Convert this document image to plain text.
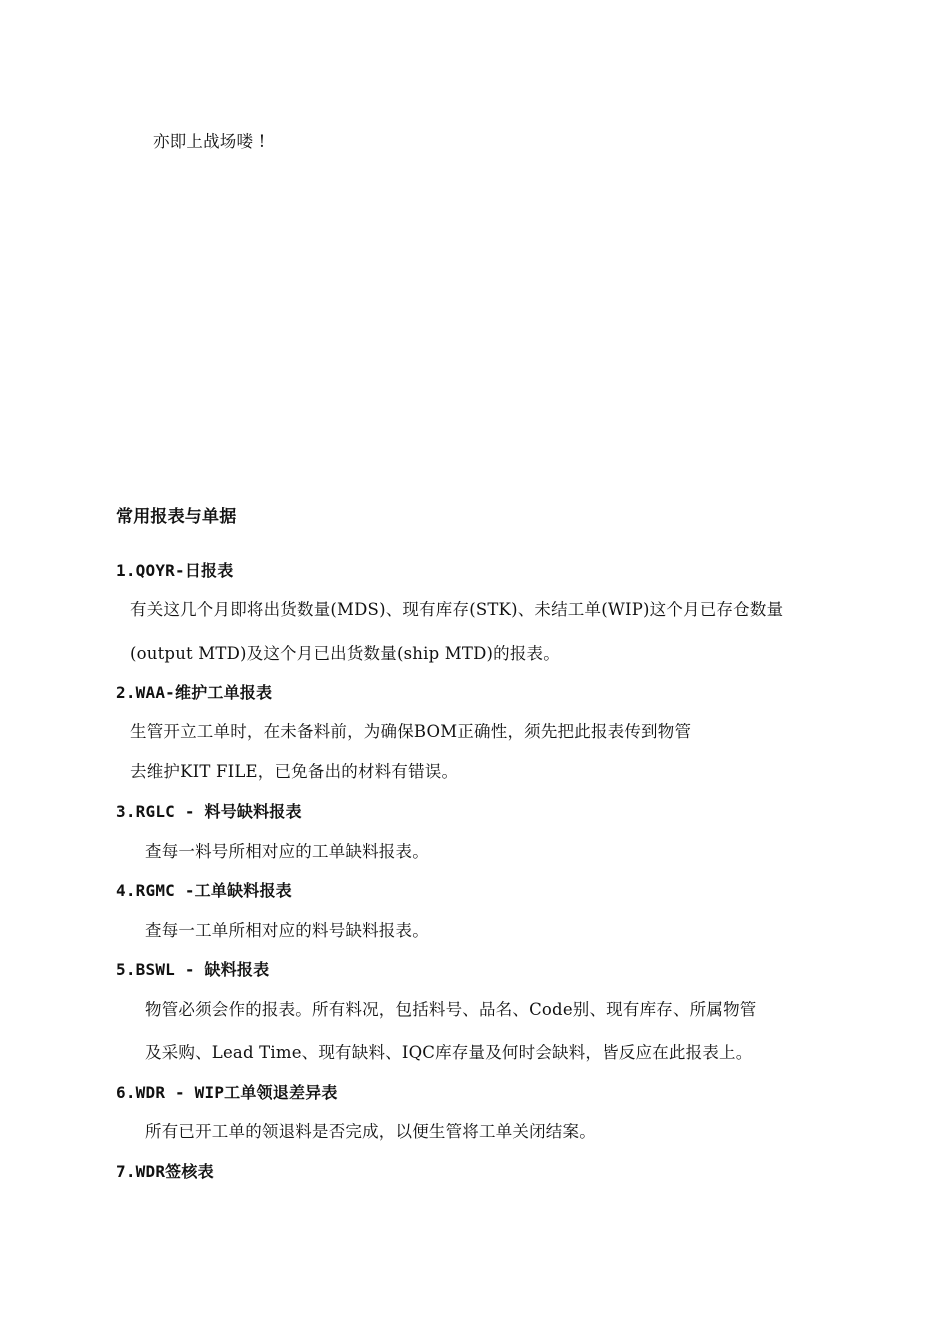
亦即上战场喽 !
常用报表与单据
1.QOYR-日报表
有关这几个月即将出货数量(MDS)、现有库存(STK)、未结工单(WIP)这个月已存仓数量
(output MTD)及这个月已出货数量(ship MTD)的报表。
2.WAA-维护工单报表
生管开立工单时，在未备料前，为确保BOM正确性，须先把此报表传到物管
去维护KIT FILE，已免备出的材料有错误。
3.RGLC - 料号缺料报表
查每一料号所相对应的工单缺料报表。
4.RGMC -工单缺料报表
查每一工单所相对应的料号缺料报表。
5.BSWL - 缺料报表
物管必须会作的报表。所有料况，包括料号、品名、Code别、现有库存、所属物管
及采购、Lead Time、现有缺料、IQC库存量及何时会缺料，皆反应在此报表上。
6.WDR - WIP工单领退差异表
所有已开工单的领退料是否完成，以便生管将工单关闭结案。
7.WDR签核表
